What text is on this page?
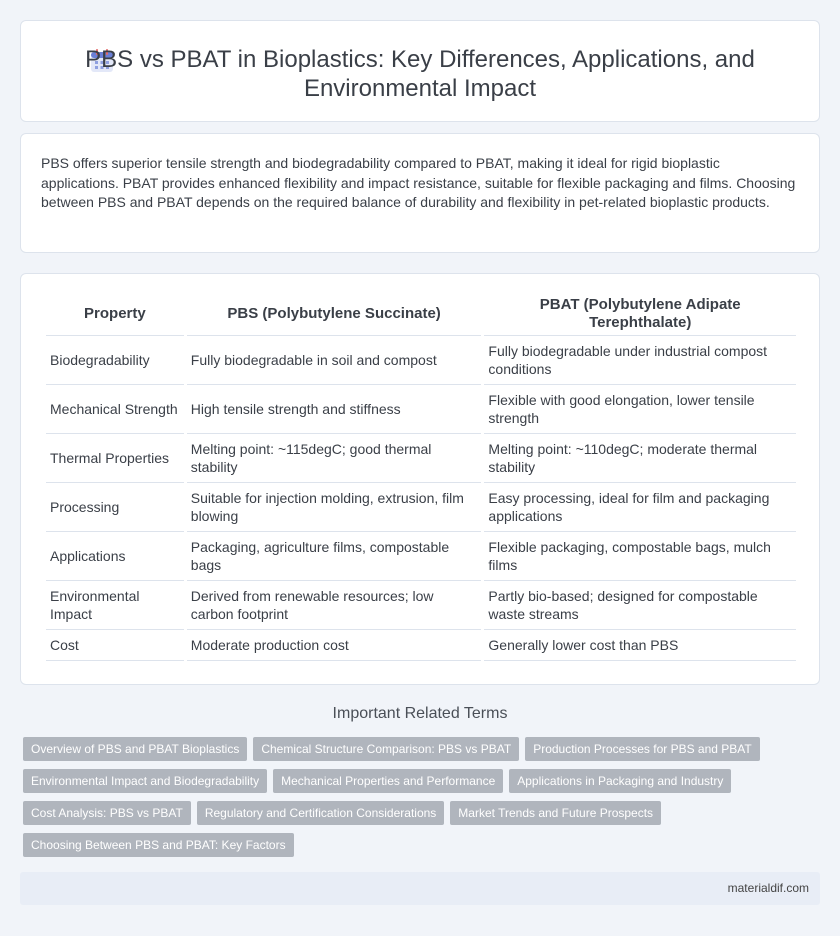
PBS vs PBAT in Bioplastics: Key Differences, Applications, and Environmental Impact

PBS offers superior tensile strength and biodegradability compared to PBAT, making it ideal for rigid bioplastic applications. PBAT provides enhanced flexibility and impact resistance, suitable for flexible packaging and films. Choosing between PBS and PBAT depends on the required balance of durability and flexibility in pet-related bioplastic products.

Property	PBS (Polybutylene Succinate)	PBAT (Polybutylene Adipate Terephthalate)
Biodegradability	Fully biodegradable in soil and compost	Fully biodegradable under industrial compost conditions
Mechanical Strength	High tensile strength and stiffness	Flexible with good elongation, lower tensile strength
Thermal Properties	Melting point: ~115degC; good thermal stability	Melting point: ~110degC; moderate thermal stability
Processing	Suitable for injection molding, extrusion, film blowing	Easy processing, ideal for film and packaging applications
Applications	Packaging, agriculture films, compostable bags	Flexible packaging, compostable bags, mulch films
Environmental Impact	Derived from renewable resources; low carbon footprint	Partly bio-based; designed for compostable waste streams
Cost	Moderate production cost	Generally lower cost than PBS
Important Related Terms
Overview of PBS and PBAT Bioplastics	Chemical Structure Comparison: PBS vs PBAT	Production Processes for PBS and PBAT
Environmental Impact and Biodegradability	Mechanical Properties and Performance	Applications in Packaging and Industry
Cost Analysis: PBS vs PBAT	Regulatory and Certification Considerations	Market Trends and Future Prospects
Choosing Between PBS and PBAT: Key Factors
materialdif.com
